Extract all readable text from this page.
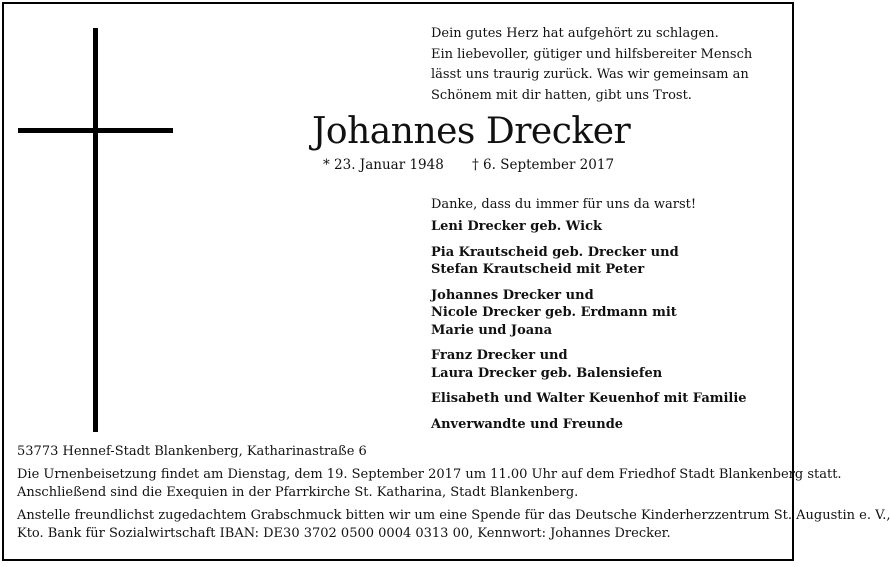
Dein gutes Herz hat aufgehört zu schlagen.
Ein liebevoller, gütiger und hilfsbereiter Mensch
lässt uns traurig zurück. Was wir gemeinsam an
Schönem mit dir hatten, gibt uns Trost.
Johannes Drecker
* 23. Januar 1948 † 6. September 2017
Danke, dass du immer für uns da warst!
Leni Drecker geb. Wick
Pia Krautscheid geb. Drecker und
Stefan Krautscheid mit Peter
Johannes Drecker und
Nicole Drecker geb. Erdmann mit
Marie und Joana
Franz Drecker und
Laura Drecker geb. Balensiefen
Elisabeth und Walter Keuenhof mit Familie
Anverwandte und Freunde
53773 Hennef-Stadt Blankenberg, Katharinastraße 6
Die Urnenbeisetzung findet am Dienstag, dem 19. September 2017 um 11.00 Uhr auf dem Friedhof Stadt Blankenberg statt.
Anschließend sind die Exequien in der Pfarrkirche St. Katharina, Stadt Blankenberg.
Anstelle freundlichst zugedachtem Grabschmuck bitten wir um eine Spende für das Deutsche Kinderherzzentrum St. Augustin e. V.,
Kto. Bank für Sozialwirtschaft IBAN: DE30 3702 0500 0004 0313 00, Kennwort: Johannes Drecker.
